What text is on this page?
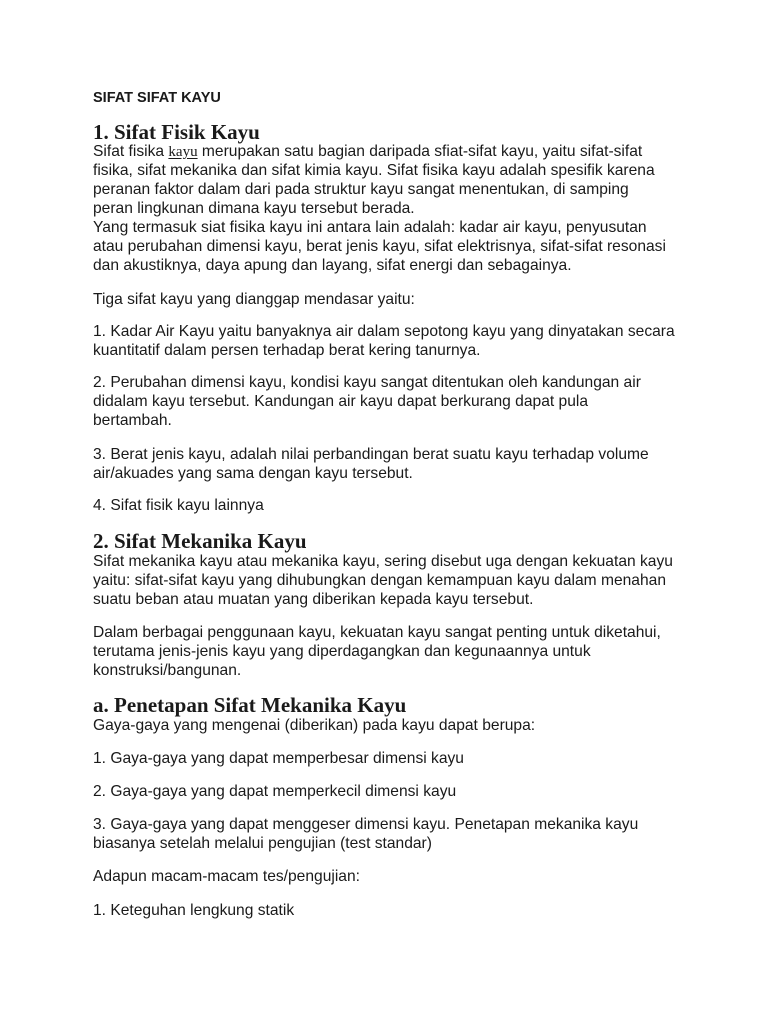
SIFAT SIFAT KAYU
1. Sifat Fisik Kayu
Sifat fisika kayu merupakan satu bagian daripada sfiat-sifat kayu, yaitu sifat-sifat
fisika, sifat mekanika dan sifat kimia kayu. Sifat fisika kayu adalah spesifik karena
peranan faktor dalam dari pada struktur kayu sangat menentukan, di samping
peran lingkunan dimana kayu tersebut berada.
Yang termasuk siat fisika kayu ini antara lain adalah: kadar air kayu, penyusutan
atau perubahan dimensi kayu, berat jenis kayu, sifat elektrisnya, sifat-sifat resonasi
dan akustiknya, daya apung dan layang, sifat energi dan sebagainya.
Tiga sifat kayu yang dianggap mendasar yaitu:
1. Kadar Air Kayu yaitu banyaknya air dalam sepotong kayu yang dinyatakan secara
kuantitatif dalam persen terhadap berat kering tanurnya.
2. Perubahan dimensi kayu, kondisi kayu sangat ditentukan oleh kandungan air
didalam kayu tersebut. Kandungan air kayu dapat berkurang dapat pula
bertambah.
3. Berat jenis kayu, adalah nilai perbandingan berat suatu kayu terhadap volume
air/akuades yang sama dengan kayu tersebut.
4. Sifat fisik kayu lainnya
2. Sifat Mekanika Kayu
Sifat mekanika kayu atau mekanika kayu, sering disebut uga dengan kekuatan kayu
yaitu: sifat-sifat kayu yang dihubungkan dengan kemampuan kayu dalam menahan
suatu beban atau muatan yang diberikan kepada kayu tersebut.
Dalam berbagai penggunaan kayu, kekuatan kayu sangat penting untuk diketahui,
terutama jenis-jenis kayu yang diperdagangkan dan kegunaannya untuk
konstruksi/bangunan.
a. Penetapan Sifat Mekanika Kayu
Gaya-gaya yang mengenai (diberikan) pada kayu dapat berupa:
1. Gaya-gaya yang dapat memperbesar dimensi kayu
2. Gaya-gaya yang dapat memperkecil dimensi kayu
3. Gaya-gaya yang dapat menggeser dimensi kayu. Penetapan mekanika kayu
biasanya setelah melalui pengujian (test standar)
Adapun macam-macam tes/pengujian:
1. Keteguhan lengkung statik
